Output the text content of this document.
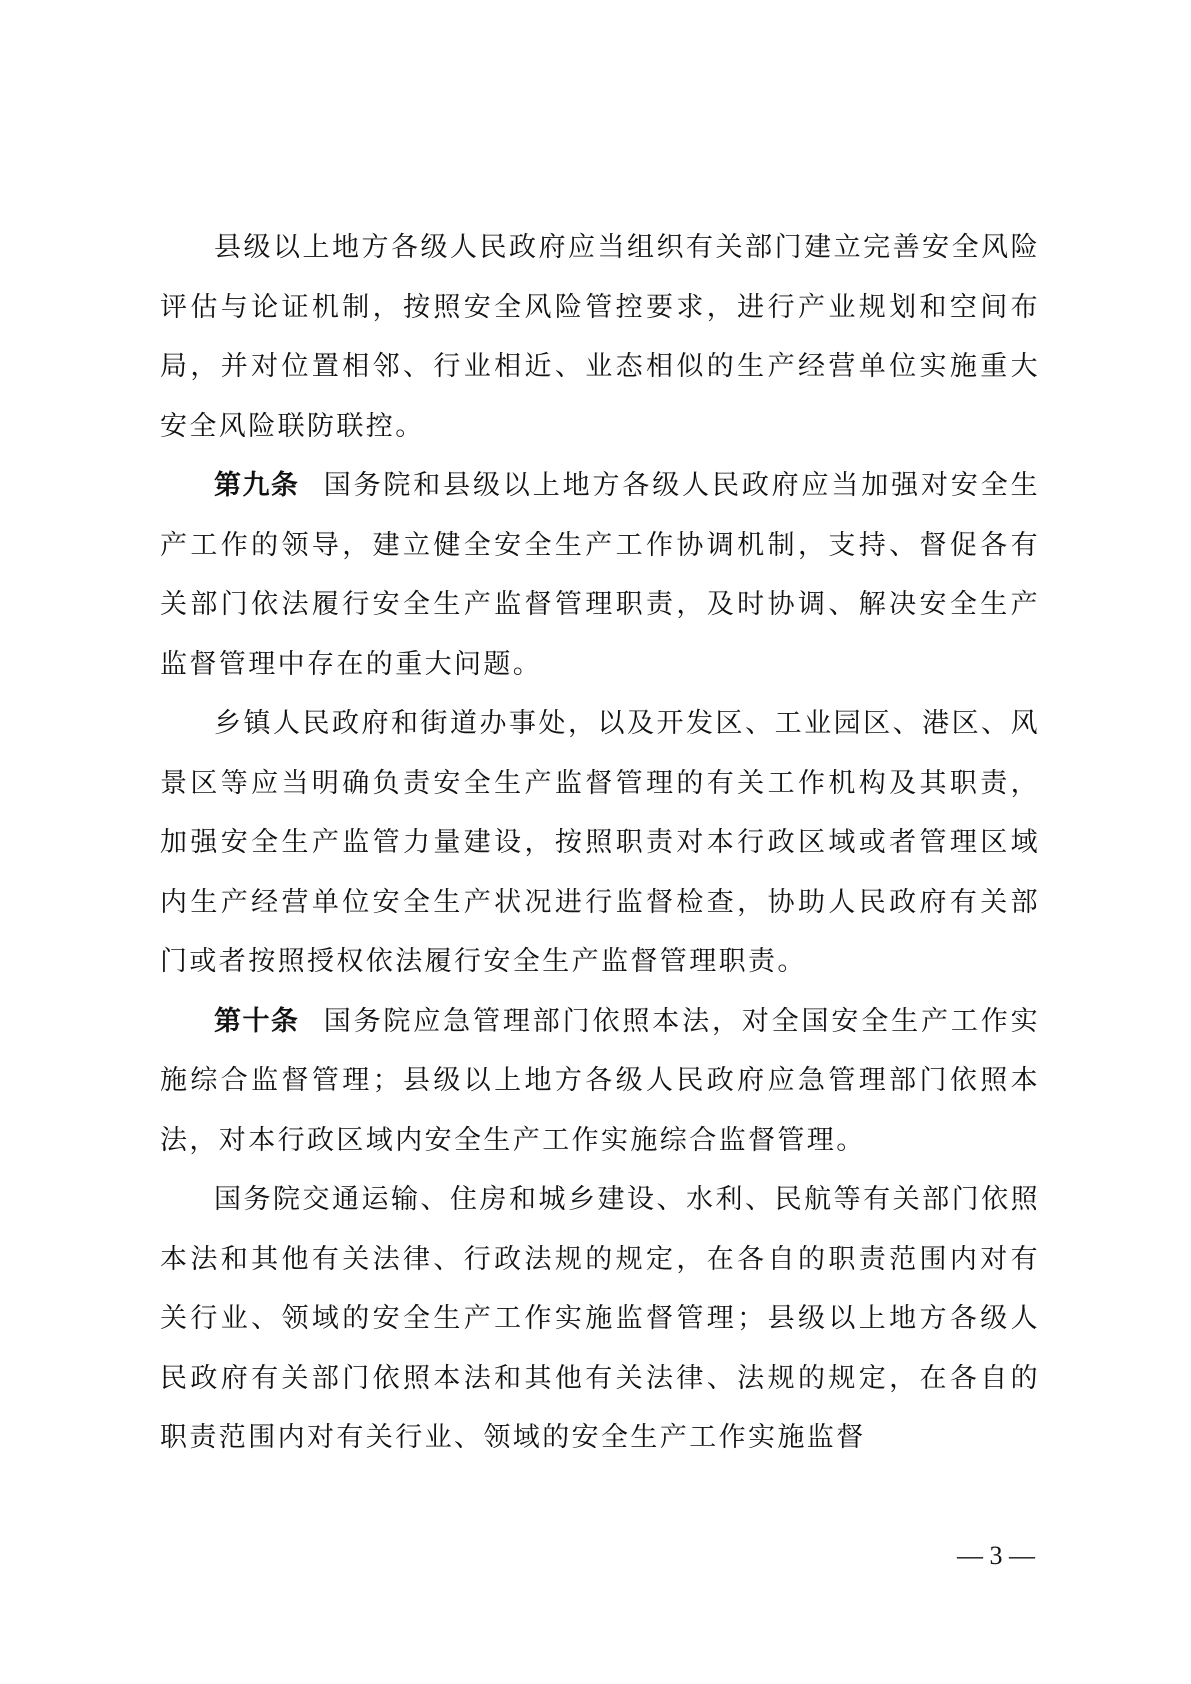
县级以上地方各级人民政府应当组织有关部门建立完善安全风险评估与论证机制，按照安全风险管控要求，进行产业规划和空间布局，并对位置相邻、行业相近、业态相似的生产经营单位实施重大安全风险联防联控。

第九条 国务院和县级以上地方各级人民政府应当加强对安全生产工作的领导，建立健全安全生产工作协调机制，支持、督促各有关部门依法履行安全生产监督管理职责，及时协调、解决安全生产监督管理中存在的重大问题。

乡镇人民政府和街道办事处，以及开发区、工业园区、港区、风景区等应当明确负责安全生产监督管理的有关工作机构及其职责，加强安全生产监管力量建设，按照职责对本行政区域或者管理区域内生产经营单位安全生产状况进行监督检查，协助人民政府有关部门或者按照授权依法履行安全生产监督管理职责。

第十条 国务院应急管理部门依照本法，对全国安全生产工作实施综合监督管理；县级以上地方各级人民政府应急管理部门依照本法，对本行政区域内安全生产工作实施综合监督管理。

国务院交通运输、住房和城乡建设、水利、民航等有关部门依照本法和其他有关法律、行政法规的规定，在各自的职责范围内对有关行业、领域的安全生产工作实施监督管理；县级以上地方各级人民政府有关部门依照本法和其他有关法律、法规的规定，在各自的职责范围内对有关行业、领域的安全生产工作实施监督

— 3 —
